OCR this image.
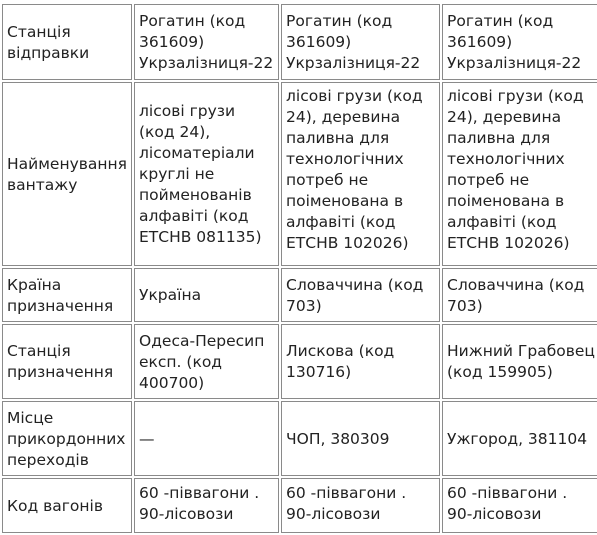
Станція відправки	Рогатин (код 361609) Укрзалізниця-22	Рогатин (код 361609) Укрзалізниця-22	Рогатин (код 361609) Укрзалізниця-22
Найменування вантажу	лісові грузи (код 24), лісоматеріали круглі не пойменованів алфавіті (код ЕТСНВ 081135)	лісові грузи (код 24), деревина паливна для технологічних потреб не поіменована в алфавіті (код ЕТСНВ 102026)	лісові грузи (код 24), деревина паливна для технологічних потреб не поіменована в алфавіті (код ЕТСНВ 102026)
Країна призначення	Україна	Словаччина (код 703)	Словаччина (код 703)
Станція призначення	Одеса-Пересип експ. (код 400700)	Лискова (код 130716)	Нижний Грабовец (код 159905)
Місце прикордонних переходів	—	ЧОП, 380309	Ужгород, 381104
Код вагонів	60 -піввагони . 90-лісовози	60 -піввагони . 90-лісовози	60 -піввагони . 90-лісовози
